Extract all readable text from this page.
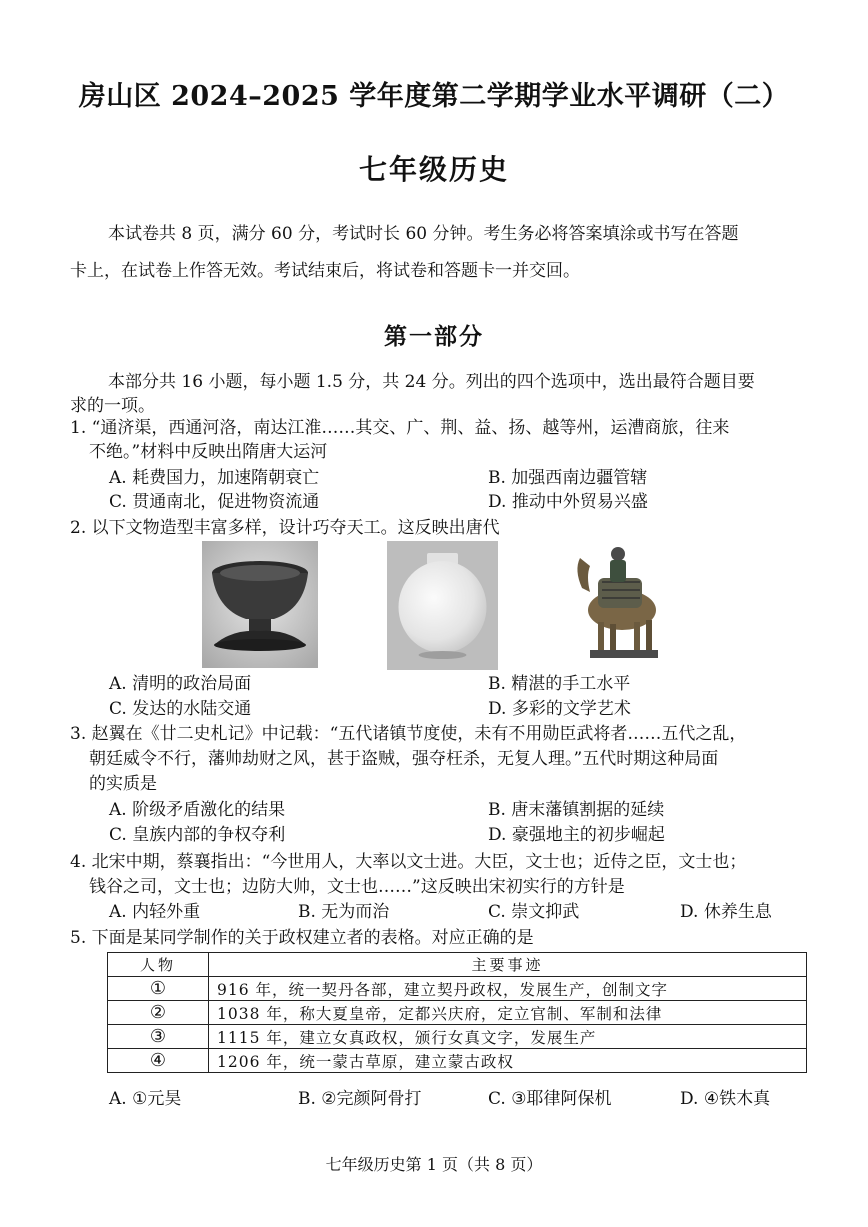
房山区 2024–2025 学年度第二学期学业水平调研（二）
七年级历史
本试卷共 8 页，满分 60 分，考试时长 60 分钟。考生务必将答案填涂或书写在答题
卡上，在试卷上作答无效。考试结束后，将试卷和答题卡一并交回。
第一部分
本部分共 16 小题，每小题 1.5 分，共 24 分。列出的四个选项中，选出最符合题目要
求的一项。
1. “通济渠，西通河洛，南达江淮……其交、广、荆、益、扬、越等州，运漕商旅，往来
不绝。”材料中反映出隋唐大运河
A. 耗费国力，加速隋朝衰亡	B. 加强西南边疆管辖
C. 贯通南北，促进物资流通	D. 推动中外贸易兴盛
2. 以下文物造型丰富多样，设计巧夺天工。这反映出唐代
A. 清明的政治局面	B. 精湛的手工水平
C. 发达的水陆交通	D. 多彩的文学艺术
3. 赵翼在《廿二史札记》中记载：“五代诸镇节度使，未有不用勋臣武将者……五代之乱，
朝廷威令不行，藩帅劫财之风，甚于盗贼，强夺枉杀，无复人理。”五代时期这种局面
的实质是
A. 阶级矛盾激化的结果	B. 唐末藩镇割据的延续
C. 皇族内部的争权夺利	D. 豪强地主的初步崛起
4. 北宋中期，蔡襄指出：“今世用人，大率以文士进。大臣，文士也；近侍之臣，文士也；
钱谷之司，文士也；边防大帅，文士也……”这反映出宋初实行的方针是
A. 内轻外重	B. 无为而治	C. 崇文抑武	D. 休养生息
5. 下面是某同学制作的关于政权建立者的表格。对应正确的是
人物	主要事迹
①	916 年，统一契丹各部，建立契丹政权，发展生产，创制文字
②	1038 年，称大夏皇帝，定都兴庆府，定立官制、军制和法律
③	1115 年，建立女真政权，颁行女真文字，发展生产
④	1206 年，统一蒙古草原，建立蒙古政权
A. ①元昊	B. ②完颜阿骨打	C. ③耶律阿保机	D. ④铁木真
七年级历史第 1 页（共 8 页）
